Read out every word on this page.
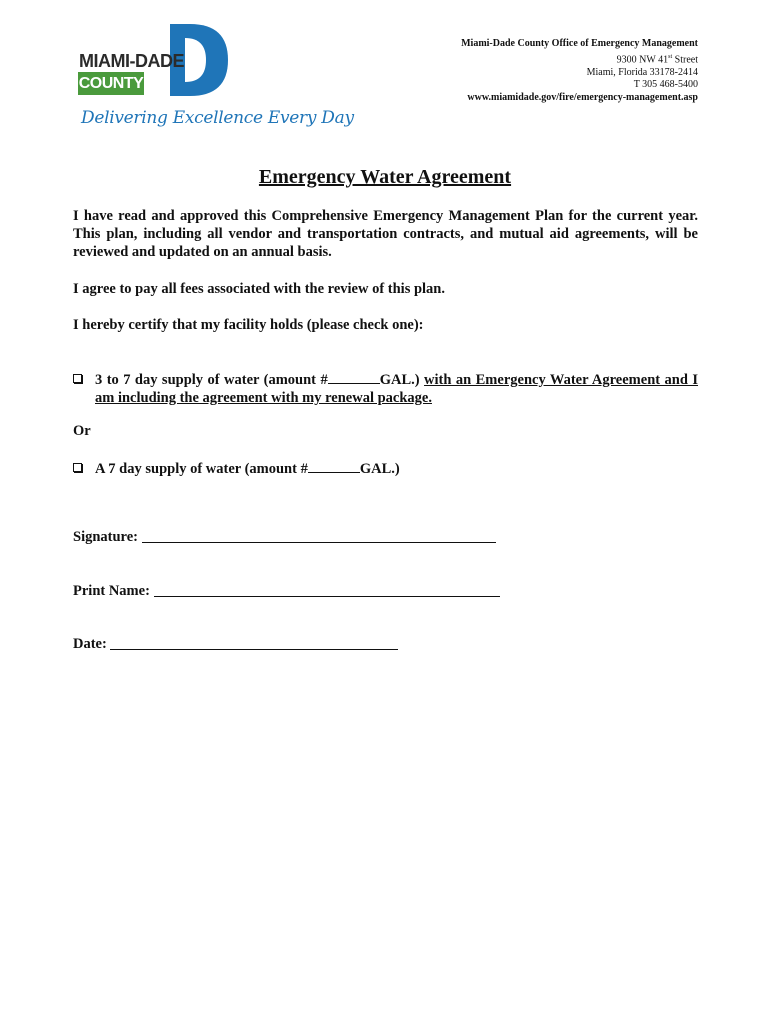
MIAMI-DADE
COUNTY
Delivering Excellence Every Day
Miami-Dade County Office of Emergency Management
9300 NW 41st Street
Miami, Florida 33178-2414
T 305 468-5400
www.miamidade.gov/fire/emergency-management.asp
Emergency Water Agreement

I have read and approved this Comprehensive Emergency Management Plan for the current year. This plan, including all vendor and transportation contracts, and mutual aid agreements, will be reviewed and updated on an annual basis.

I agree to pay all fees associated with the review of this plan.

I hereby certify that my facility holds (please check one):

3 to 7 day supply of water (amount #	GAL.) with an Emergency Water Agreement and I am including the agreement with my renewal package.

Or

A 7 day supply of water (amount #	GAL.)
Signature:
Print Name:
Date:
